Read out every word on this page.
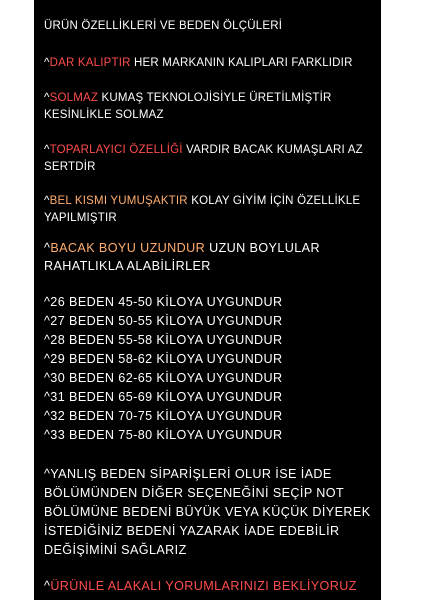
ÜRÜN ÖZELLİKLERİ VE BEDEN ÖLÇÜLERİ
^DAR KALIPTIR HER MARKANIN KALIPLARI FARKLIDIR
^SOLMAZ KUMAŞ TEKNOLOJİSİYLE ÜRETİLMİŞTİR
KESİNLİKLE SOLMAZ
^TOPARLAYICI ÖZELLİĞİ VARDIR BACAK KUMAŞLARI AZ
SERTDİR
^BEL KISMI YUMUŞAKTIR KOLAY GİYİM İÇİN ÖZELLİKLE
YAPILMIŞTIR
^BACAK BOYU UZUNDUR UZUN BOYLULAR
RAHATLIKLA ALABİLİRLER
^26 BEDEN 45-50 KİLOYA UYGUNDUR
^27 BEDEN 50-55 KİLOYA UYGUNDUR
^28 BEDEN 55-58 KİLOYA UYGUNDUR
^29 BEDEN 58-62 KİLOYA UYGUNDUR
^30 BEDEN 62-65 KİLOYA UYGUNDUR
^31 BEDEN 65-69 KİLOYA UYGUNDUR
^32 BEDEN 70-75 KİLOYA UYGUNDUR
^33 BEDEN 75-80 KİLOYA UYGUNDUR
^YANLIŞ BEDEN SİPARİŞLERİ OLUR İSE İADE
BÖLÜMÜNDEN DİĞER SEÇENEĞİNİ SEÇİP NOT
BÖLÜMÜNE BEDENİ BÜYÜK VEYA KÜÇÜK DİYEREK
İSTEDİĞİNİZ BEDENİ YAZARAK İADE EDEBİLİR
DEĞİŞİMİNİ SAĞLARIZ
^ÜRÜNLE ALAKALI YORUMLARINIZI BEKLİYORUZ
